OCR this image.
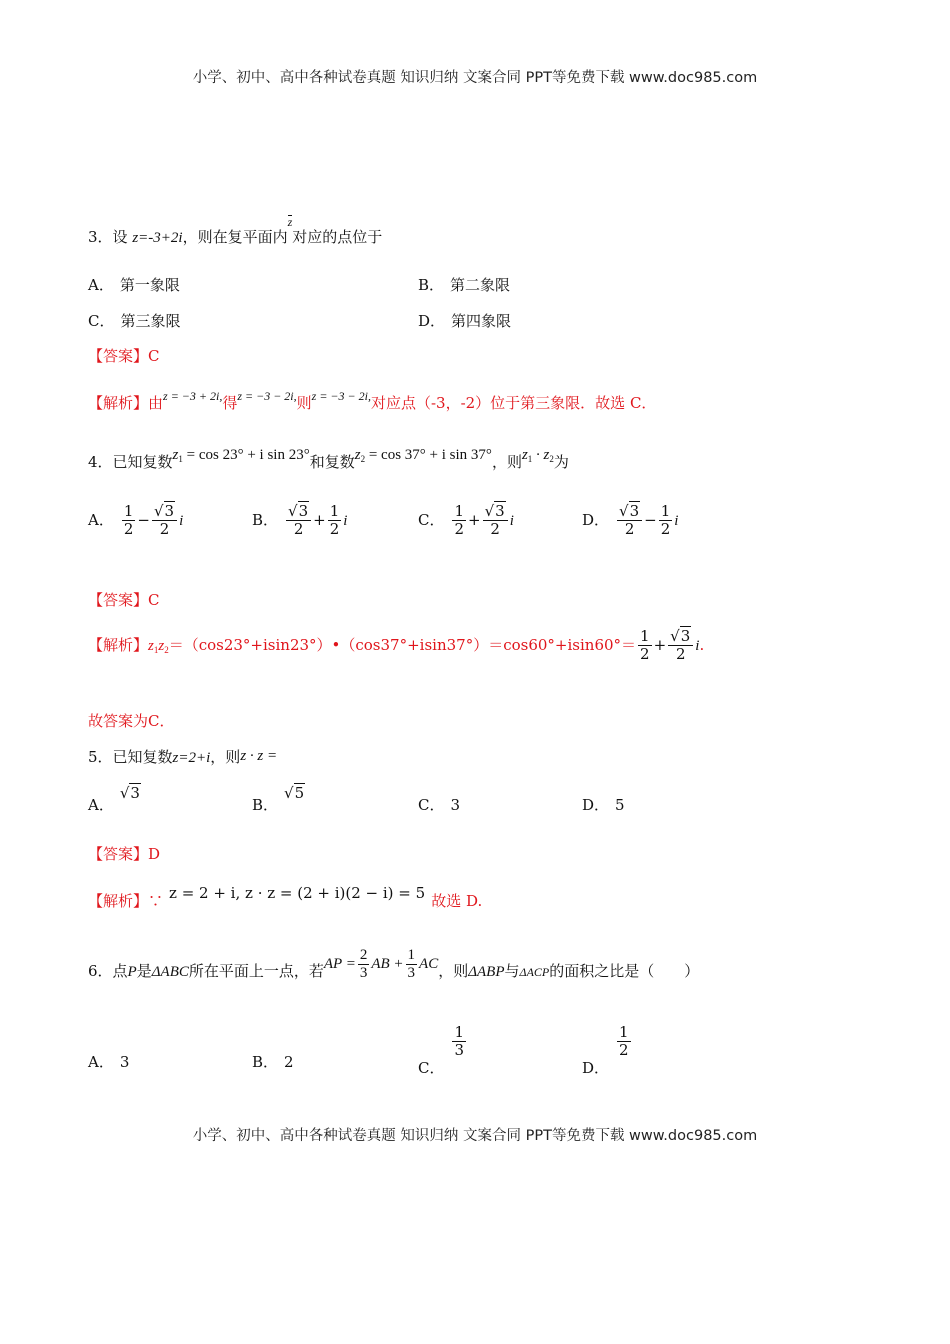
小学、初中、高中各种试卷真题 知识归纳 文案合同 PPT等免费下载 www.doc985.com
3．设 z=-3+2i，则在复平面内$^z$对应的点位于
A． 第一象限	B． 第二象限
C． 第三象限	D． 第四象限
【答案】C
【解析】由$^{z = -3 + 2i,}$得$^{z = -3 - 2i,}$则$^{z = -3 - 2i,}$对应点（-3，-2）位于第三象限．故选 C．
4．已知复数$z_1 = \cos 23^\circ + i$ sin 23°和复数$z_2 = \cos 37^\circ + i$ sin 37°，则$z_1 \cdot z_2$为
A． $\frac{1}{2} - \frac{√3}{2}$ i	B． $\frac{√3}{2} + \frac{1}{2}$ i	C． $\frac{1}{2} + \frac{√3}{2}$ i	D． $\frac{√3}{2} - \frac{1}{2}$ i
【答案】C
【解析】$z_1z_2=(\cos 23^\circ+isin23^\circ)•(\cos 37^\circ+isin37^\circ)=\cos 60^\circ+isin60^\circ= \frac{1}{2} + \frac{√3}{2} i$.
故答案为C．
5．已知复数z=2+i，则z · z =
A．√3
B．√5
C． 3	D． 5
【答案】D
【解析】∵ z = 2 + i, z · z = (2 + i)(2 − i) = 5 故选 D.
6．点P是ΔABC所在平面上一点，若AP = $\frac{2}{3}$ AB + $\frac{1}{3}$ AC，则ΔABP与ΔACP的面积之比是（　　）
A． 3	B． 2	C．
$\frac{1}{3}$
D．
$\frac{1}{2}$
小学、初中、高中各种试卷真题 知识归纳 文案合同 PPT等免费下载 www.doc985.com
